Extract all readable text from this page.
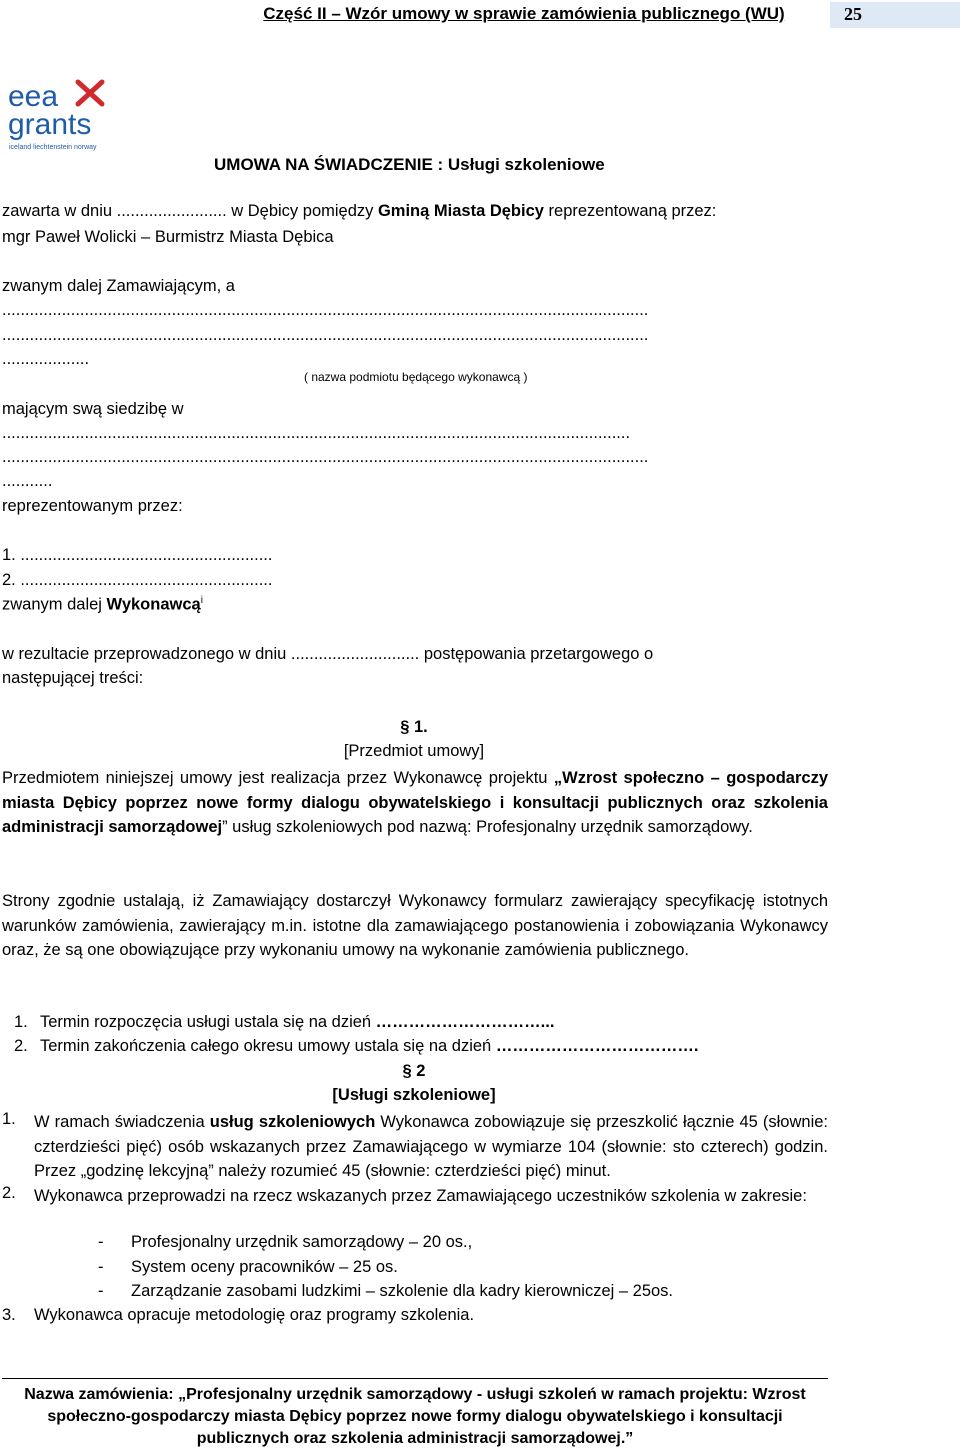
Część II – Wzór umowy w sprawie zamówienia publicznego (WU)	25
eea
grants
iceland liechtenstein norway
UMOWA NA ŚWIADCZENIE : Usługi szkoleniowe
zawarta w dniu ........................ w Dębicy pomiędzy Gminą Miasta Dębicy reprezentowaną przez:
mgr Paweł Wolicki – Burmistrz Miasta Dębica
zwanym dalej Zamawiającym, a
.............................................................................................................................................
.............................................................................................................................................
...................
( nazwa podmiotu będącego wykonawcą )
mającym swą siedzibę w
.........................................................................................................................................
.............................................................................................................................................
...........
reprezentowanym przez:
1. .......................................................
2. .......................................................
zwanym dalej Wykonawcą$^i$
w rezultacie przeprowadzonego w dniu ............................ postępowania przetargowego o
następującej treści:
§ 1.
[Przedmiot umowy]
Przedmiotem niniejszej umowy jest realizacja przez Wykonawcę projektu „Wzrost społeczno – gospodarczy miasta Dębicy poprzez nowe formy dialogu obywatelskiego i konsultacji publicznych oraz szkolenia administracji samorządowej” usług szkoleniowych pod nazwą: Profesjonalny urzędnik samorządowy.
Strony zgodnie ustalają, iż Zamawiający dostarczył Wykonawcy formularz zawierający specyfikację istotnych warunków zamówienia, zawierający m.in. istotne dla zamawiającego postanowienia i zobowiązania Wykonawcy oraz, że są one obowiązujące przy wykonaniu umowy na wykonanie zamówienia publicznego.
1. Termin rozpoczęcia usługi ustala się na dzień …………………………...
2. Termin zakończenia całego okresu umowy ustala się na dzień ……………………………….
§ 2
[Usługi szkoleniowe]
1. W ramach świadczenia usług szkoleniowych Wykonawca zobowiązuje się przeszkolić łącznie 45 (słownie: czterdzieści pięć) osób wskazanych przez Zamawiającego w wymiarze 104 (słownie: sto czterech) godzin. Przez „godzinę lekcyjną” należy rozumieć 45 (słownie: czterdzieści pięć) minut.
2. Wykonawca przeprowadzi na rzecz wskazanych przez Zamawiającego uczestników szkolenia w zakresie:
- Profesjonalny urzędnik samorządowy – 20 os.,
- System oceny pracowników – 25 os.
- Zarządzanie zasobami ludzkimi – szkolenie dla kadry kierowniczej – 25os.
3. Wykonawca opracuje metodologię oraz programy szkolenia.
Nazwa zamówienia: „Profesjonalny urzędnik samorządowy - usługi szkoleń w ramach projektu: Wzrost społeczno-gospodarczy miasta Dębicy poprzez nowe formy dialogu obywatelskiego i konsultacji publicznych oraz szkolenia administracji samorządowej.”
